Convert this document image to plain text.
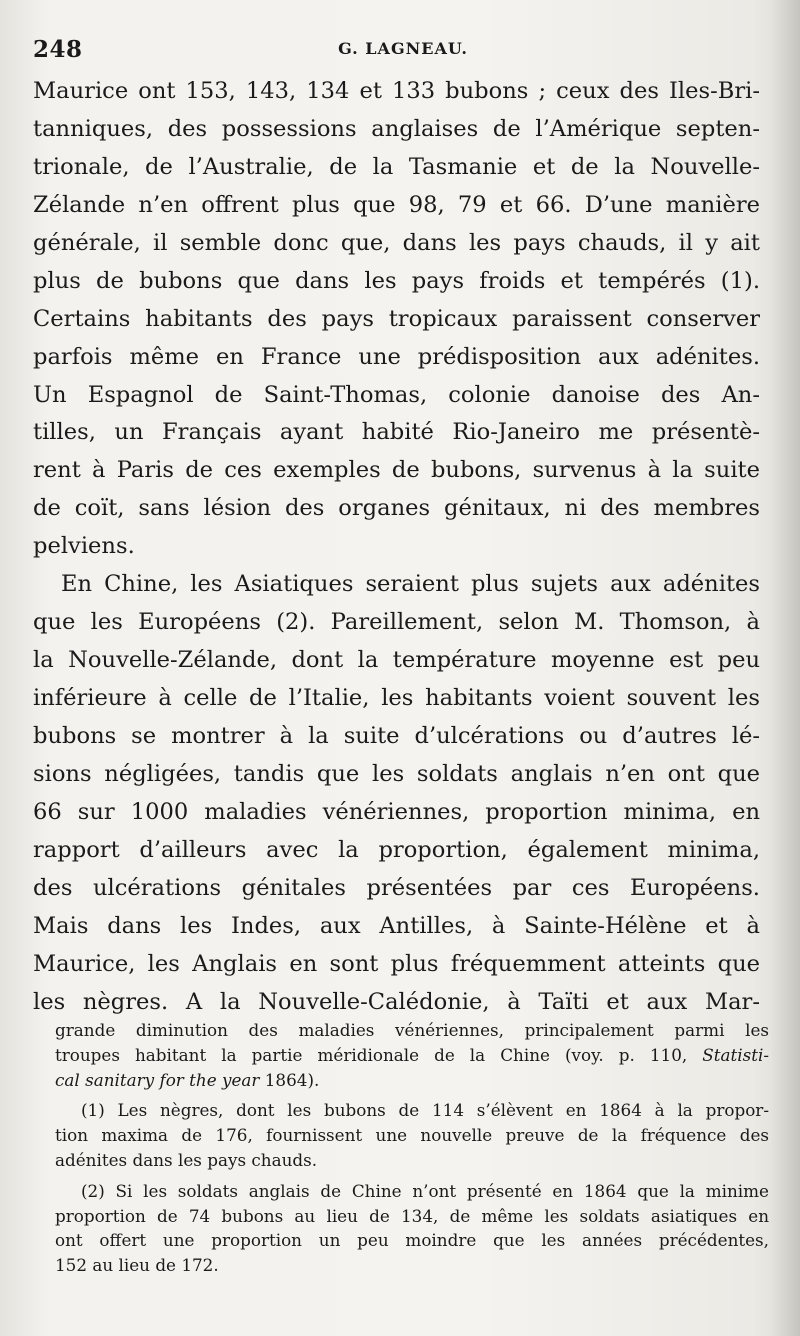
248	G. LAGNEAU.
Maurice ont 153, 143, 134 et 133 bubons ; ceux des Iles-Bri-
tanniques, des possessions anglaises de l’Amérique septen-
trionale, de l’Australie, de la Tasmanie et de la Nouvelle-
Zélande n’en offrent plus que 98, 79 et 66. D’une manière
générale, il semble donc que, dans les pays chauds, il y ait
plus de bubons que dans les pays froids et tempérés (1).
Certains habitants des pays tropicaux paraissent conserver
parfois même en France une prédisposition aux adénites.
Un Espagnol de Saint-Thomas, colonie danoise des An-
tilles, un Français ayant habité Rio-Janeiro me présentè-
rent à Paris de ces exemples de bubons, survenus à la suite
de coït, sans lésion des organes génitaux, ni des membres
pelviens.
En Chine, les Asiatiques seraient plus sujets aux adénites
que les Européens (2). Pareillement, selon M. Thomson, à
la Nouvelle-Zélande, dont la température moyenne est peu
inférieure à celle de l’Italie, les habitants voient souvent les
bubons se montrer à la suite d’ulcérations ou d’autres lé-
sions négligées, tandis que les soldats anglais n’en ont que
66 sur 1000 maladies vénériennes, proportion minima, en
rapport d’ailleurs avec la proportion, également minima,
des ulcérations génitales présentées par ces Européens.
Mais dans les Indes, aux Antilles, à Sainte-Hélène et à
Maurice, les Anglais en sont plus fréquemment atteints que
les nègres. A la Nouvelle-Calédonie, à Taïti et aux Mar-
grande diminution des maladies vénériennes, principalement parmi les
troupes habitant la partie méridionale de la Chine (voy. p. 110, Statisti-
cal sanitary for the year 1864).
(1) Les nègres, dont les bubons de 114 s’élèvent en 1864 à la propor-
tion maxima de 176, fournissent une nouvelle preuve de la fréquence des
adénites dans les pays chauds.
(2) Si les soldats anglais de Chine n’ont présenté en 1864 que la minime
proportion de 74 bubons au lieu de 134, de même les soldats asiatiques en
ont offert une proportion un peu moindre que les années précédentes,
152 au lieu de 172.
